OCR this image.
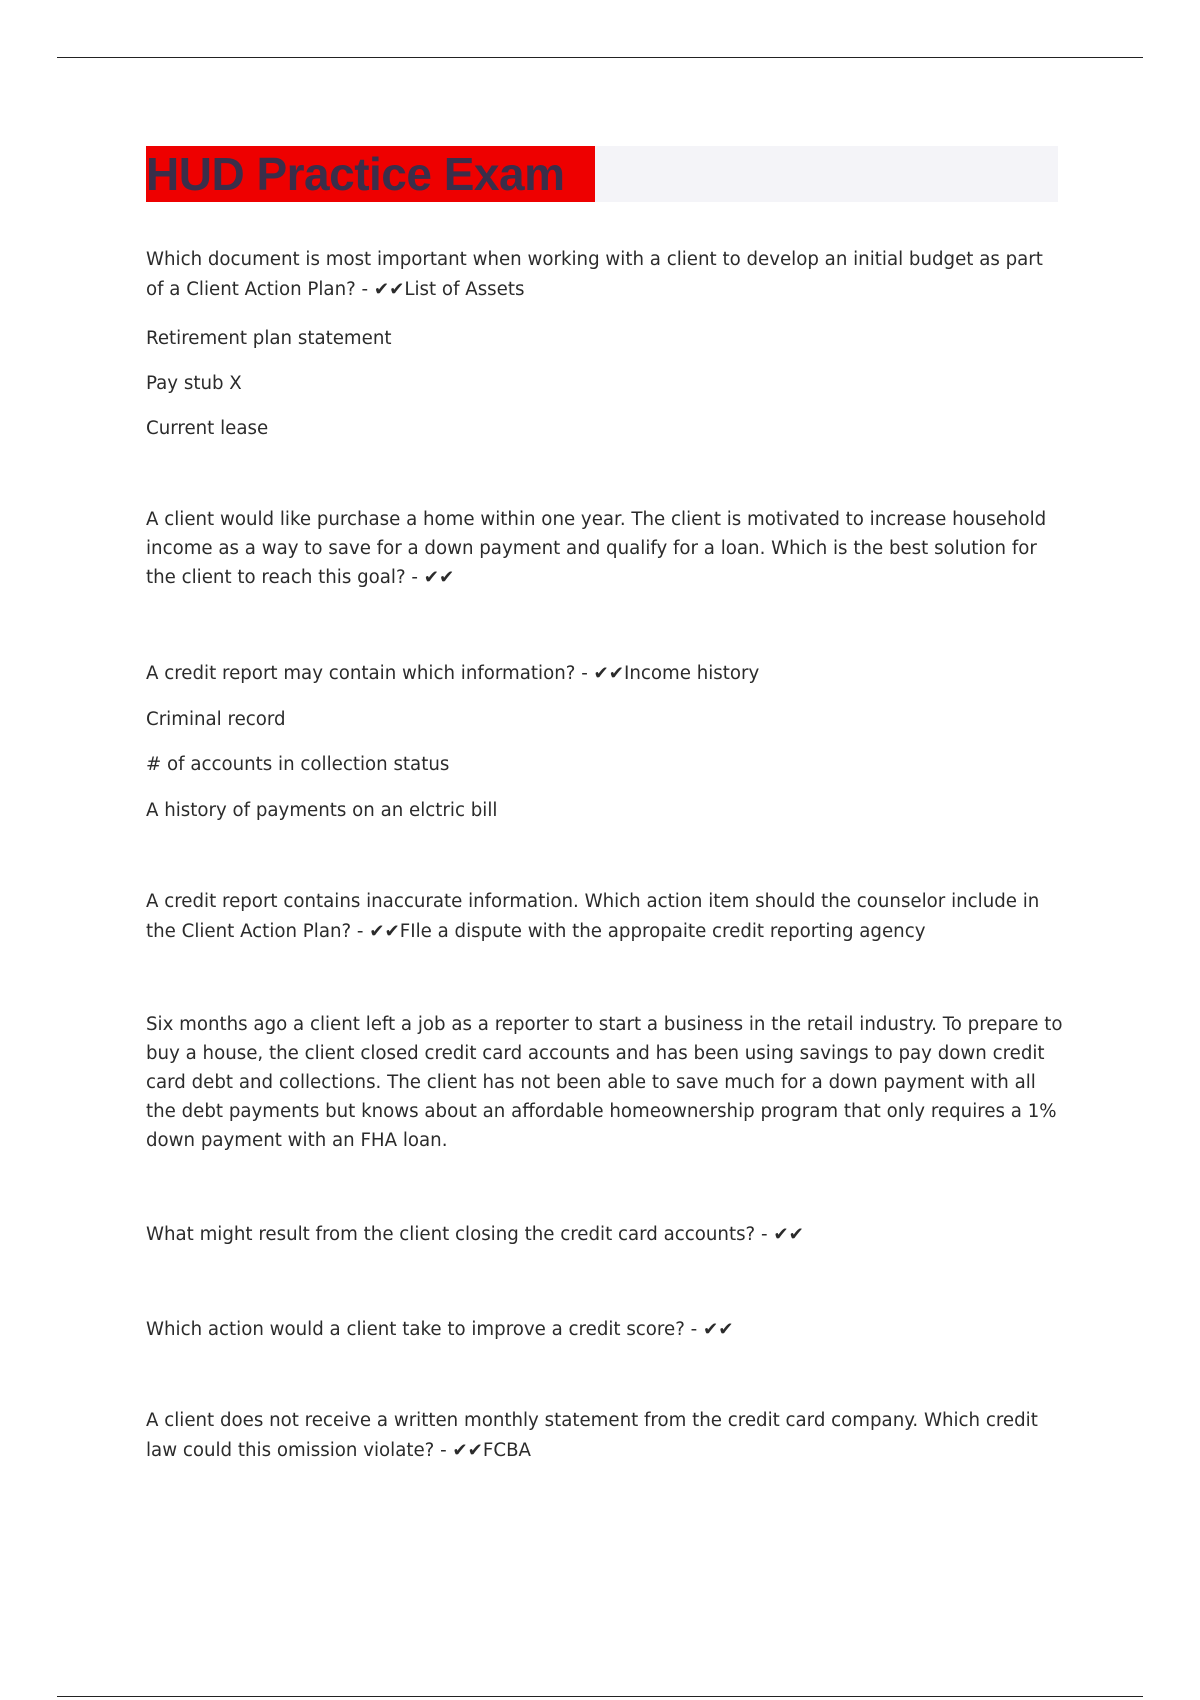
HUD Practice Exam

Which document is most important when working with a client to develop an initial budget as part of a Client Action Plan? - ✔✔List of Assets

Retirement plan statement

Pay stub X

Current lease

A client would like purchase a home within one year. The client is motivated to increase household income as a way to save for a down payment and qualify for a loan. Which is the best solution for the client to reach this goal? - ✔✔

A credit report may contain which information? - ✔✔Income history

Criminal record

# of accounts in collection status

A history of payments on an elctric bill

A credit report contains inaccurate information. Which action item should the counselor include in the Client Action Plan? - ✔✔FIle a dispute with the appropaite credit reporting agency

Six months ago a client left a job as a reporter to start a business in the retail industry. To prepare to buy a house, the client closed credit card accounts and has been using savings to pay down credit card debt and collections. The client has not been able to save much for a down payment with all the debt payments but knows about an affordable homeownership program that only requires a 1% down payment with an FHA loan.

What might result from the client closing the credit card accounts? - ✔✔

Which action would a client take to improve a credit score? - ✔✔

A client does not receive a written monthly statement from the credit card company. Which credit law could this omission violate? - ✔✔FCBA
